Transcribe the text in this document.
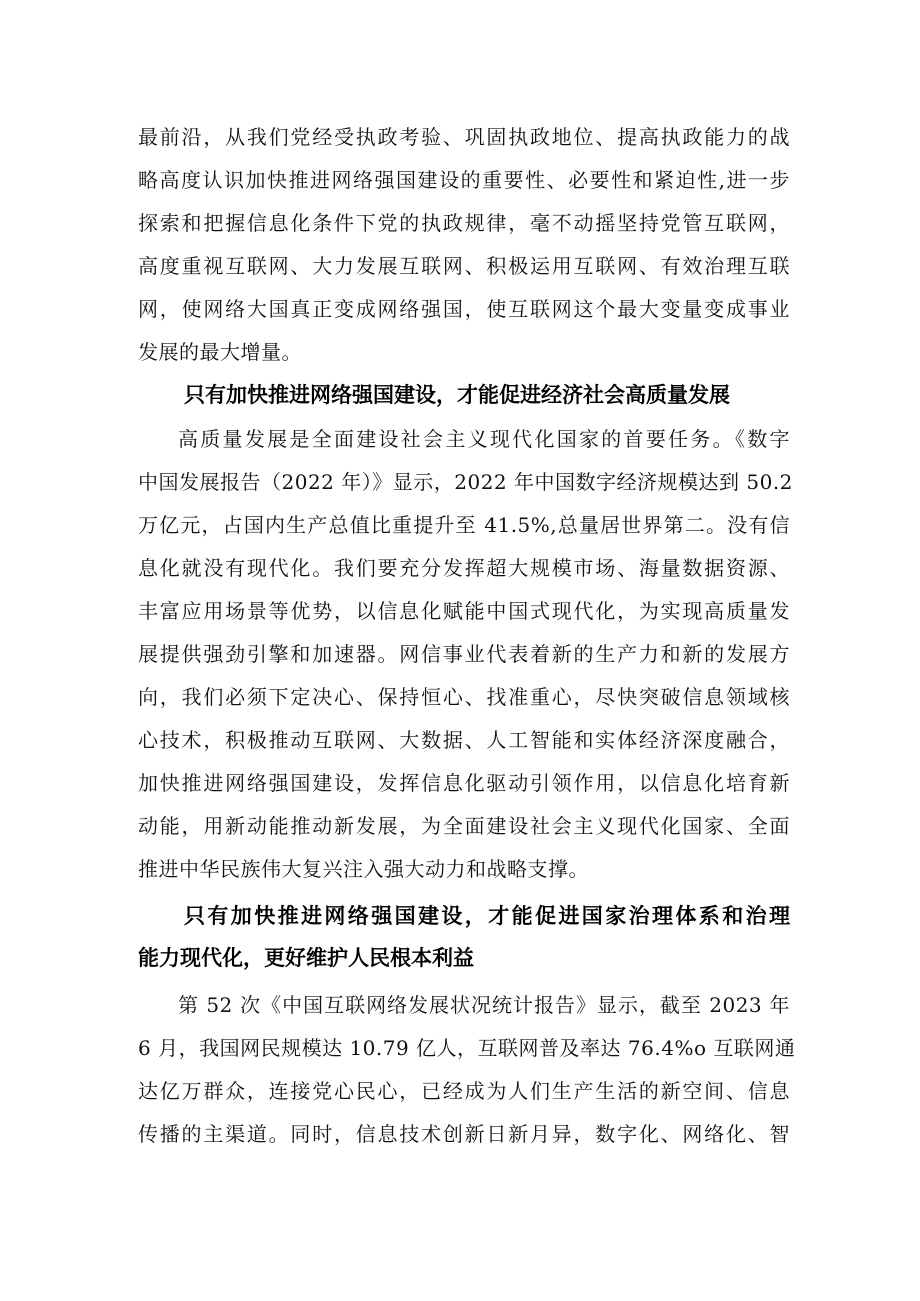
最前沿，从我们党经受执政考验、巩固执政地位、提高执政能力的战
略高度认识加快推进网络强国建设的重要性、必要性和紧迫性,进一步
探索和把握信息化条件下党的执政规律，毫不动摇坚持党管互联网，
高度重视互联网、大力发展互联网、积极运用互联网、有效治理互联
网，使网络大国真正变成网络强国，使互联网这个最大变量变成事业
发展的最大增量。
只有加快推进网络强国建设，才能促进经济社会高质量发展
高质量发展是全面建设社会主义现代化国家的首要任务。《数字
中国发展报告（2022 年）》显示，2022 年中国数字经济规模达到 50.2
万亿元，占国内生产总值比重提升至 41.5%,总量居世界第二。没有信
息化就没有现代化。我们要充分发挥超大规模市场、海量数据资源、
丰富应用场景等优势，以信息化赋能中国式现代化，为实现高质量发
展提供强劲引擎和加速器。网信事业代表着新的生产力和新的发展方
向，我们必须下定决心、保持恒心、找准重心，尽快突破信息领域核
心技术，积极推动互联网、大数据、人工智能和实体经济深度融合，
加快推进网络强国建设，发挥信息化驱动引领作用，以信息化培育新
动能，用新动能推动新发展，为全面建设社会主义现代化国家、全面
推进中华民族伟大复兴注入强大动力和战略支撑。
只有加快推进网络强国建设，才能促进国家治理体系和治理
能力现代化，更好维护人民根本利益
第 52 次《中国互联网络发展状况统计报告》显示，截至 2023 年
6 月，我国网民规模达 10.79 亿人，互联网普及率达 76.4%o 互联网通
达亿万群众，连接党心民心，已经成为人们生产生活的新空间、信息
传播的主渠道。同时，信息技术创新日新月异，数字化、网络化、智
